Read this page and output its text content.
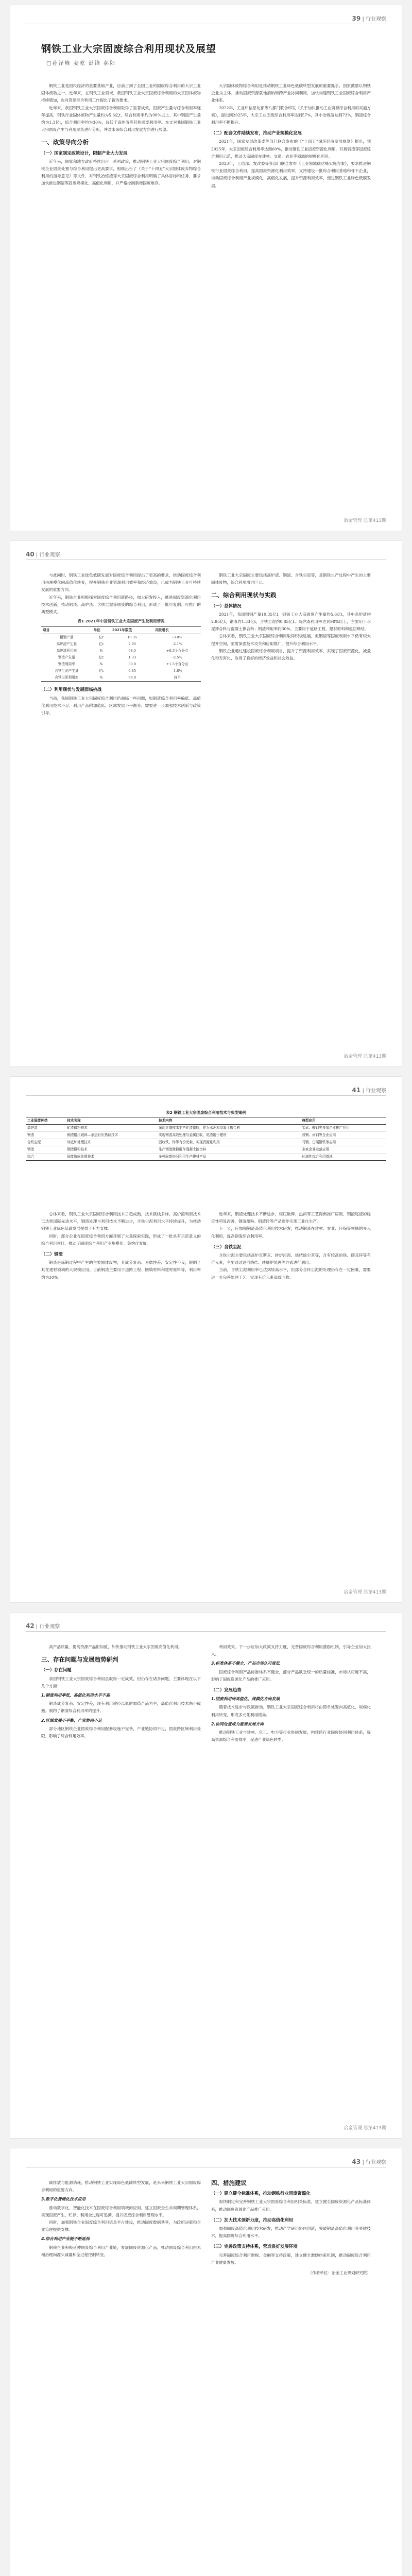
39 | 行业观察
钢铁工业大宗固废综合利用现状及展望
□孙泽峰 姜乾 彭锋 郝阳

钢铁工业是国民经济的重要基础产业，目前占到了全国工业的固废综合利用的大宗工业固体废物之一。近年来，在钢铁工业领域，我国钢铁工业大宗固废综合利用的大宗固体废物持续增加，也对资源综合利用工作提出了新的要求。

近年来，我国钢铁工业大宗固废综合利用取得了显著成效，固废产生量与综合利用率逐年提高，钢铁行业固体废物产生量约为5.6亿t，综合利用率约为90%以上。其中钢渣产生量约为1.3亿t，综合利用率约为30%，远低于高炉渣等其他固废利用率。本文对我国钢铁工业大宗固废产生与利用现状进行分析，并对未来综合利用发展方向进行展望。

一、政策导向分析
（一）国家制定政策设计，限制产业大力发展

近年来，国家和地方政府持续出台一系列政策，推动钢铁工业大宗固废综合利用，对钢铁企业固废处置与综合利用提出更高要求，相继出台了《关于“十四五”大宗固体废弃物综合利用的指导意见》等文件，对钢铁冶炼渣等大宗固废综合利用明确了具体目标和任务，要求加快推进钢渣等固废规模化、高值化利用，并严格控制新增固废堆存。

大宗固体废物综合利用是推动钢铁工业绿色低碳转型发展的重要抓手，国家鼓励以钢铁企业为主体，推动固废资源就地消纳和跨产业协同利用，加快构建钢铁工业固废综合利用产业体系。

2022年，工业和信息化部等八部门联合印发《关于加快推动工业资源综合利用的实施方案》，提出到2025年，大宗工业固废综合利用率达到57%，其中冶炼渣达到73%，钢渣综合利用率不断提升。

（二）配套文件陆续发布，推动产业规模化发展

2021年，国家发展改革委等部门联合发布的《“十四五”循环经济发展规划》提出，到2025年，大宗固废综合利用率达到60%，推动钢铁工业固废资源化利用，开展钢渣等固废综合利用示范，推动大宗固废在建材、交通、农业等领域的规模化利用。

2023年，工信部、发改委等多部门联合发布《工业领域碳达峰实施方案》，要求推进钢铁行业固废综合利用，提高固废资源化利用效率，支持建设一批综合利用基地和骨干企业，推动固废综合利用产业规模化、高值化发展，提升资源利用效率，促进钢铁工业绿色低碳发展。

冶金管理 总第413期
40 | 行业观察

与此同时，钢铁工业绿色低碳发展对固废综合利用提出了更高的要求，推动固废综合利用由规模化向高值化转变，提升钢铁企业资源利用效率和经济效益，已成为钢铁工业可持续发展的重要方向。

近年来，钢铁企业积极探索固废综合利用新路径，加大研发投入，推进固废资源化利用技术创新，推动钢渣、高炉渣、含铁尘泥等固废的综合利用，形成了一批可复制、可推广的典型模式。

表1 2021年中国钢铁工业大宗固废产生及利用情况
项目	单位	2021年数值	同比增长
粗钢产量	亿t	10.35	-3.0%
高炉渣产生量	亿t	2.95	-2.1%
高炉渣利用率	%	98.5	+0.3个百分点
钢渣产生量	亿t	1.33	-2.5%
钢渣利用率	%	30.0	+1.5个百分点
含铁尘泥产生量	亿t	0.85	-1.8%
含铁尘泥利用率	%	99.0	持平
（二）利用现状与发展面临挑战

当前，我国钢铁工业大宗固废综合利用仍面临一些问题，如钢渣综合利用率偏低、高值化利用技术不足、利用产品附加值低、区域发展不平衡等，需要进一步加强技术创新与政策引导。

钢铁工业大宗固废主要包括高炉渣、钢渣、含铁尘泥等，是钢铁生产过程中产生的主要固体废物，综合利用潜力巨大。

二、综合利用现状与实践
（一）总体情况

2021年，我国粗钢产量10.35亿t，钢铁工业大宗固废产生量约5.6亿t，其中高炉渣约2.95亿t，钢渣约1.33亿t，含铁尘泥约0.85亿t。高炉渣利用率达到98%以上，主要用于水泥掺合料与混凝土掺合料；钢渣利用率约30%，主要用于道路工程、建材原料和返回烧结。

总体来看，钢铁工业大宗固废综合利用取得积极进展，但钢渣等固废利用水平仍有较大提升空间，亟需加强技术攻关和应用推广，提升综合利用水平。

钢铁企业通过建设固废综合利用项目，提升了资源利用效率，实现了固废资源化、减量化和无害化，取得了良好的经济效益和社会效益。

冶金管理 总第413期
41 | 行业观察
表2 钢铁工业大宗固废综合利用技术与典型案例
工业固废种类	技术名称	技术内容	典型应用
高炉渣	矿渣微粉技术	采用立磨技术生产矿渣微粉，作为水泥和混凝土掺合料	宝武、鞍钢等多家企业推广应用
钢渣	钢渣辊压破碎—余热有压热闷技术	实现钢渣高效处理与金属回收，尾渣用于建材	首钢、河钢等企业应用
含铁尘泥	转底炉处理技术	回收铁、锌等有价元素，实现资源化利用	马钢、日照钢铁等应用
钢渣	钢渣微粉技术	生产钢渣微粉用作混凝土掺合料	多家企业示范应用
综合	固废协同处置技术	多种固废协同利用生产建材产品	区域性综合利用基地

总体来看，钢铁工业大宗固废综合利用技术日趋成熟，技术路线多样，高炉渣利用技术已达到国际先进水平，钢渣处理与利用技术不断进步，含铁尘泥利用水平持续提升，为推动钢铁工业绿色低碳发展提供了有力支撑。

同时，部分企业在固废综合利用方面开展了大量探索实践，形成了一批具有示范意义的综合利用项目，推动了固废综合利用产业规模化、集约化发展。

（二）钢渣

钢渣是炼钢过程中产生的主要固体废物，其成分复杂、易磨性差、安定性不良，限制了其在建材领域的大规模应用。目前钢渣主要用于道路工程、回填材料和建材原料等，利用率约为30%。

近年来，钢渣处理技术不断进步，辊压破碎、热闷等工艺得到推广应用，钢渣尾渣的稳定性明显改善，钢渣微粉、钢渣砖等产品逐步实现工业化生产。

下一步，应加强钢渣高值化利用技术研发，推动钢渣在建材、农业、环保等领域的多元化利用，提高钢渣综合利用率。

（三）含铁尘泥

含铁尘泥主要包括高炉瓦斯灰、转炉污泥、烧结除尘灰等，含有较高的铁、碳及锌等有价元素，主要通过返回烧结、转底炉处理等方式进行利用。

当前，含铁尘泥利用率已达到较高水平，但部分含锌尘泥的处理仍存在一定困难，需要进一步完善处理工艺，实现有价元素高效回收。

冶金管理 总第413期
42 | 行业观察

高产品质量，提高资源产品附加值，加快推动钢铁工业大宗固废高值化利用。

三、存在问题与发展趋势研判
（一）存在问题

我国钢铁工业大宗固废综合利用虽取得一定成效，但仍存在诸多问题，主要体现在以下几个方面：

1.钢渣利用率低，高值化利用水平不高

钢渣成分复杂、安定性差，现有利用途径以低附加值产品为主，高值化利用技术尚不成熟，制约了钢渣综合利用率的提升。

2.区域发展不平衡，产业协同不足

部分地区钢铁企业固废综合利用配套设施不完善，产业链协同不足，固废跨区域利用受限，影响了综合利用效率。

利用效果。下一步应加大政策支持力度，完善固废综合利用激励机制，引导企业加大投入。

3.标准体系不健全，产品市场认可度低

固废综合利用产品标准体系不健全，部分产品缺乏统一的质量标准，市场认可度不高，影响了固废资源化产品的推广应用。

（二）发展趋势
1.固废利用向高值化、规模化方向发展

随着技术进步与政策推动，钢铁工业大宗固废综合利用将由简单处置向高值化、规模化利用转变，形成多元化利用格局。

2.协同处置成为重要发展方向

推动钢铁工业与建材、化工、电力等行业协同发展，构建跨行业固废协同利用体系，提高资源综合利用效率，促进产业绿色转型。

冶金管理 总第413期
43 | 行业观察

碳排放与能源消耗，推动钢铁工业实现绿色低碳转型发展，是未来钢铁工业大宗固废综合利用的重要方向。

3.数字化智能化技术应用

推动数字化、智能化技术在固废综合利用领域的应用，建立固废全生命周期管理体系，实现固废产生、贮存、利用全过程可追溯，提升固废综合利用管理水平。

同时，加强钢铁企业固废综合利用信息平台建设，推动固废数据共享，为政府决策和企业管理提供支撑。

4.综合利用产业链不断延伸

钢铁企业积极延伸固废综合利用产业链，发展固废资源化产品，推动固废综合利用由末端治理向源头减量和全过程控制转变。

四、措施建议
（一）建立健全标准体系，推动钢铁行业固废资源化

加快制定和完善钢铁工业大宗固废综合利用相关标准，建立健全固废资源化产品标准体系，推动固废资源化产品推广应用。

（二）加大技术创新力度，推动高值化利用

加强固废高值化利用技术研发，推动产学研用协同创新，突破钢渣高值化利用等关键技术，提高固废综合利用水平。

（三）完善政策支持体系，营造良好发展环境

完善固废综合利用财税、金融等支持政策，建立健全激励约束机制，推动固废综合利用产业健康发展。

（作者单位：冶金工业规划研究院）
